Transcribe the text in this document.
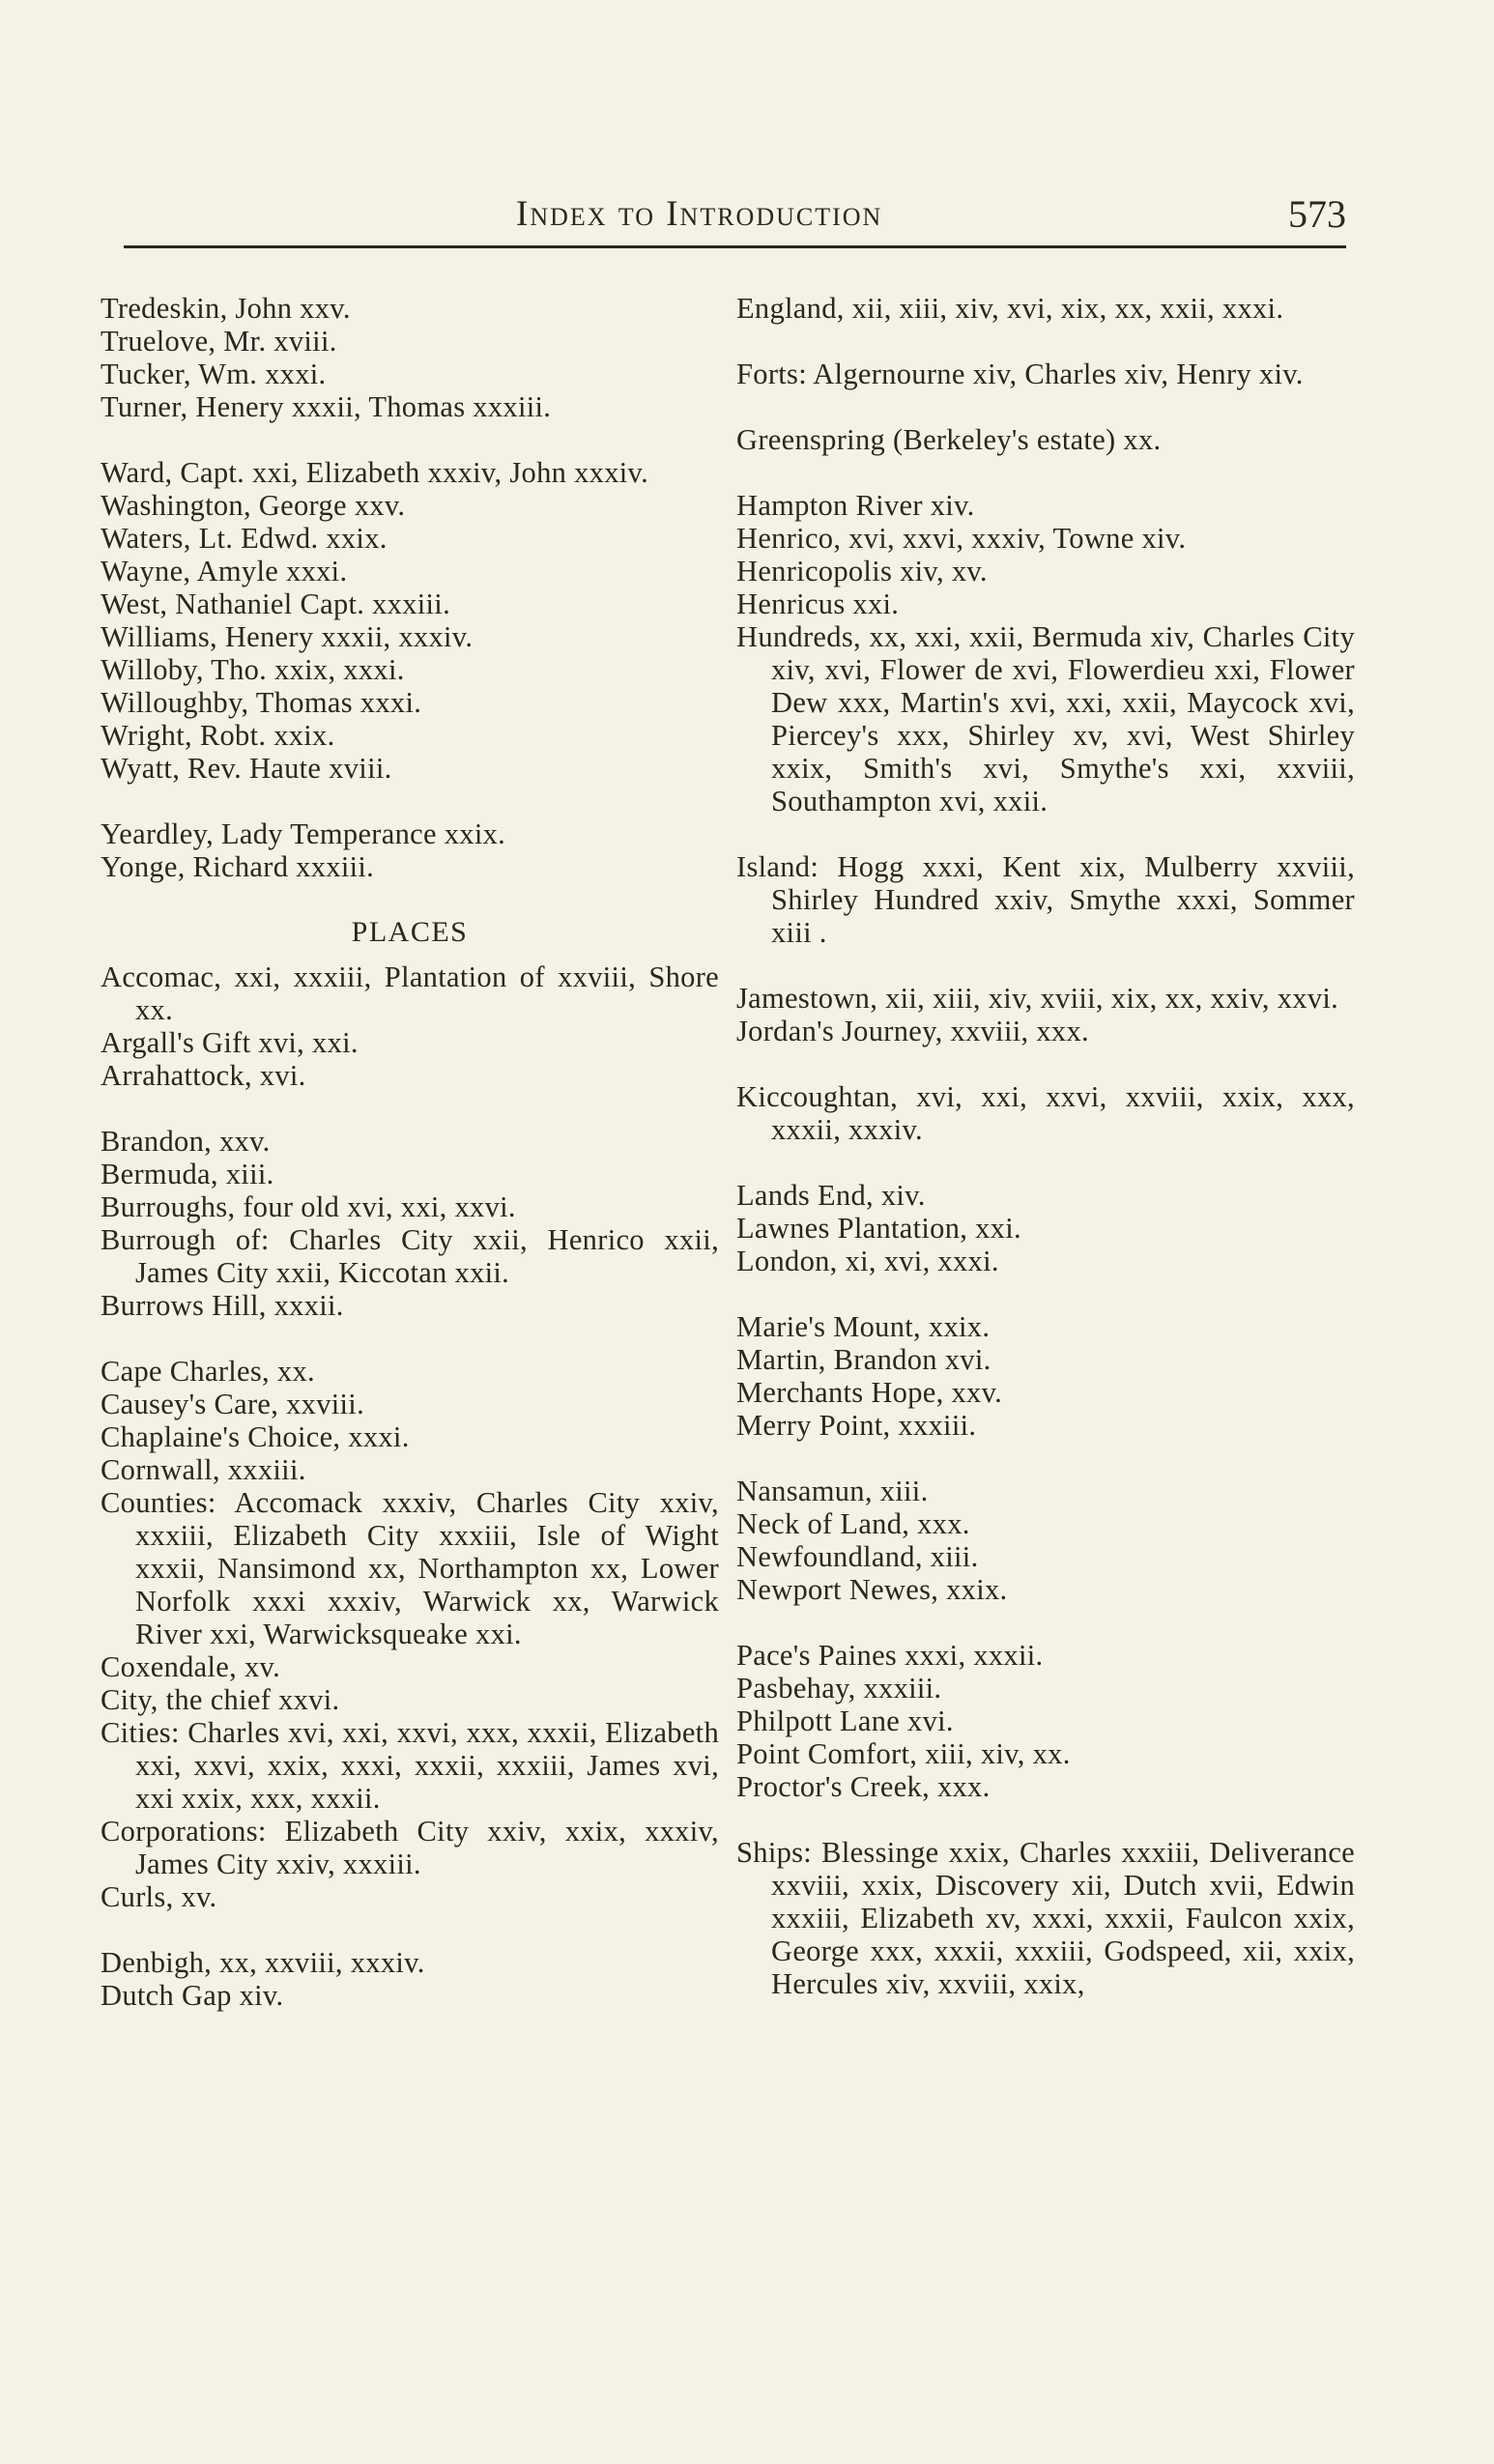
Index to Introduction	573

Tredeskin, John xxv.

Truelove, Mr. xviii.

Tucker, Wm. xxxi.

Turner, Henery xxxii, Thomas xxxiii.

Ward, Capt. xxi, Elizabeth xxxiv, John xxxiv.

Washington, George xxv.

Waters, Lt. Edwd. xxix.

Wayne, Amyle xxxi.

West, Nathaniel Capt. xxxiii.

Williams, Henery xxxii, xxxiv.

Willoby, Tho. xxix, xxxi.

Willoughby, Thomas xxxi.

Wright, Robt. xxix.

Wyatt, Rev. Haute xviii.

Yeardley, Lady Temperance xxix.

Yonge, Richard xxxiii.

PLACES

Accomac, xxi, xxxiii, Plantation of xxviii, Shore xx.

Argall's Gift xvi, xxi.

Arrahattock, xvi.

Brandon, xxv.

Bermuda, xiii.

Burroughs, four old xvi, xxi, xxvi.

Burrough of: Charles City xxii, Henrico xxii, James City xxii, Kiccotan xxii.

Burrows Hill, xxxii.

Cape Charles, xx.

Causey's Care, xxviii.

Chaplaine's Choice, xxxi.

Cornwall, xxxiii.

Counties: Accomack xxxiv, Charles City xxiv, xxxiii, Elizabeth City xxxiii, Isle of Wight xxxii, Nansimond xx, Northampton xx, Lower Norfolk xxxi xxxiv, Warwick xx, Warwick River xxi, Warwicksqueake xxi.

Coxendale, xv.

City, the chief xxvi.

Cities: Charles xvi, xxi, xxvi, xxx, xxxii, Elizabeth xxi, xxvi, xxix, xxxi, xxxii, xxxiii, James xvi, xxi xxix, xxx, xxxii.

Corporations: Elizabeth City xxiv, xxix, xxxiv, James City xxiv, xxxiii.

Curls, xv.

Denbigh, xx, xxviii, xxxiv.

Dutch Gap xiv.

England, xii, xiii, xiv, xvi, xix, xx, xxii, xxxi.

Forts: Algernourne xiv, Charles xiv, Henry xiv.

Greenspring (Berkeley's estate) xx.

Hampton River xiv.

Henrico, xvi, xxvi, xxxiv, Towne xiv.

Henricopolis xiv, xv.

Henricus xxi.

Hundreds, xx, xxi, xxii, Bermuda xiv, Charles City xiv, xvi, Flower de xvi, Flowerdieu xxi, Flower Dew xxx, Martin's xvi, xxi, xxii, Maycock xvi, Piercey's xxx, Shirley xv, xvi, West Shirley xxix, Smith's xvi, Smythe's xxi, xxviii, Southampton xvi, xxii.

Island: Hogg xxxi, Kent xix, Mulberry xxviii, Shirley Hundred xxiv, Smythe xxxi, Sommer xiii .

Jamestown, xii, xiii, xiv, xviii, xix, xx, xxiv, xxvi.

Jordan's Journey, xxviii, xxx.

Kiccoughtan, xvi, xxi, xxvi, xxviii, xxix, xxx, xxxii, xxxiv.

Lands End, xiv.

Lawnes Plantation, xxi.

London, xi, xvi, xxxi.

Marie's Mount, xxix.

Martin, Brandon xvi.

Merchants Hope, xxv.

Merry Point, xxxiii.

Nansamun, xiii.

Neck of Land, xxx.

Newfoundland, xiii.

Newport Newes, xxix.

Pace's Paines xxxi, xxxii.

Pasbehay, xxxiii.

Philpott Lane xvi.

Point Comfort, xiii, xiv, xx.

Proctor's Creek, xxx.

Ships: Blessinge xxix, Charles xxxiii, Deliverance xxviii, xxix, Discovery xii, Dutch xvii, Edwin xxxiii, Elizabeth xv, xxxi, xxxii, Faulcon xxix, George xxx, xxxii, xxxiii, Godspeed, xii, xxix, Hercules xiv, xxviii, xxix,
